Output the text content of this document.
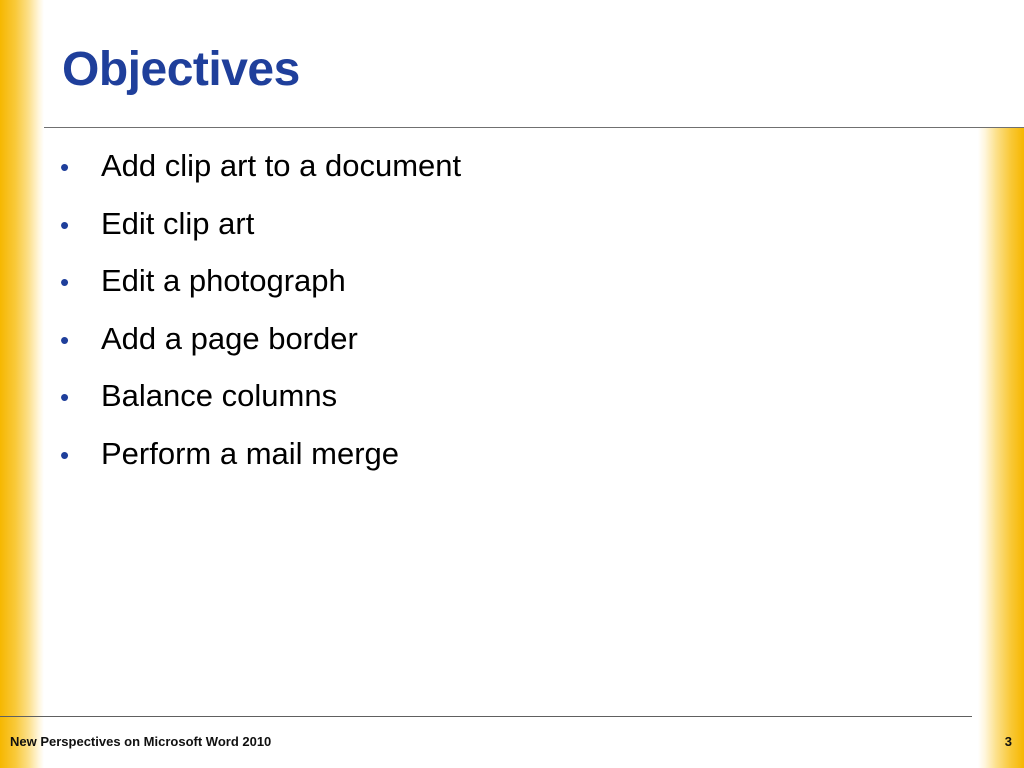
Objectives
•	Add clip art to a document
•	Edit clip art
•	Edit a photograph
•	Add a page border
•	Balance columns
•	Perform a mail merge
New Perspectives on Microsoft Word 2010	3
